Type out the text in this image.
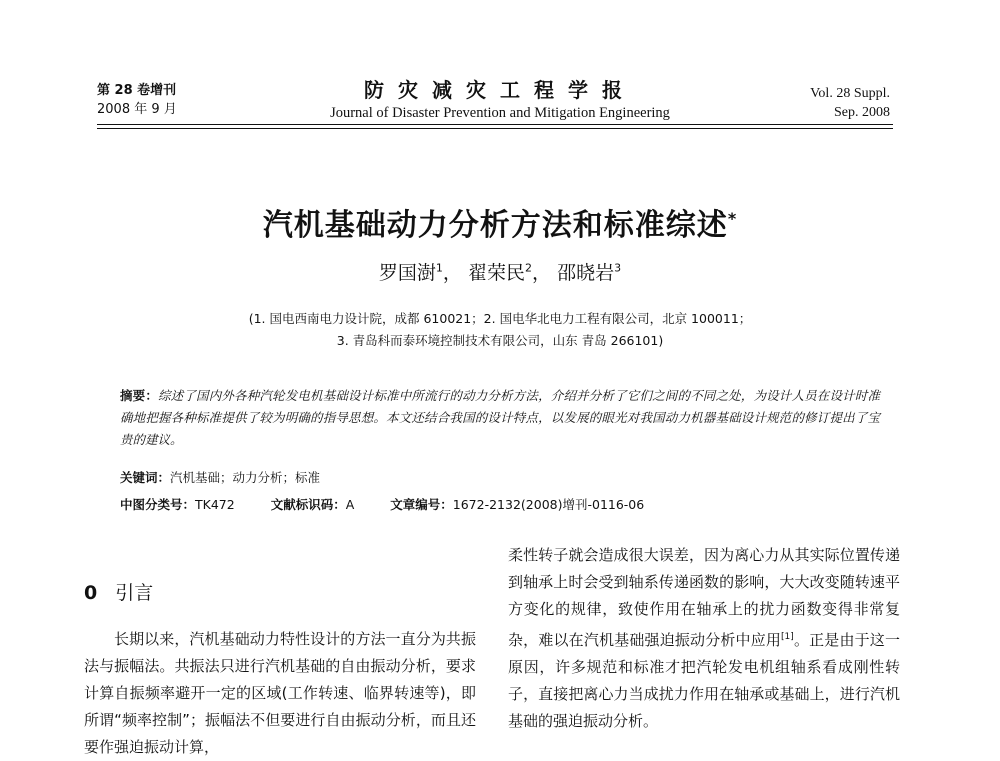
第 28 卷增刊
2008 年 9 月
防灾减灾工程学报
Journal of Disaster Prevention and Mitigation Engineering
Vol. 28 Suppl.
Sep. 2008
汽机基础动力分析方法和标准综述*
罗国澍$^1$， 翟荣民$^2$， 邵晓岩$^3$
(1. 国电西南电力设计院，成都 610021；2. 国电华北电力工程有限公司，北京 100011；
3. 青岛科而泰环境控制技术有限公司，山东 青岛 266101)
摘要：综述了国内外各种汽轮发电机基础设计标准中所流行的动力分析方法，介绍并分析了它们之间的不同之处，为设计人员在设计时准确地把握各种标准提供了较为明确的指导思想。本文还结合我国的设计特点，以发展的眼光对我国动力机器基础设计规范的修订提出了宝贵的建议。
关键词：汽机基础；动力分析；标准
中图分类号：TK472	文献标识码：A	文章编号：1672-2132(2008)增刊-0116-06
0 引言
长期以来，汽机基础动力特性设计的方法一直分为共振法与振幅法。共振法只进行汽机基础的自由振动分析，要求计算自振频率避开一定的区域(工作转速、临界转速等)，即所谓“频率控制”；振幅法不但要进行自由振动分析，而且还要作强迫振动计算，
柔性转子就会造成很大误差，因为离心力从其实际位置传递到轴承上时会受到轴系传递函数的影响，大大改变随转速平方变化的规律，致使作用在轴承上的扰力函数变得非常复杂，难以在汽机基础强迫振动分析中应用[1]。正是由于这一原因，许多规范和标准才把汽轮发电机组轴系看成刚性转子，直接把离心力当成扰力作用在轴承或基础上，进行汽机基础的强迫振动分析。
